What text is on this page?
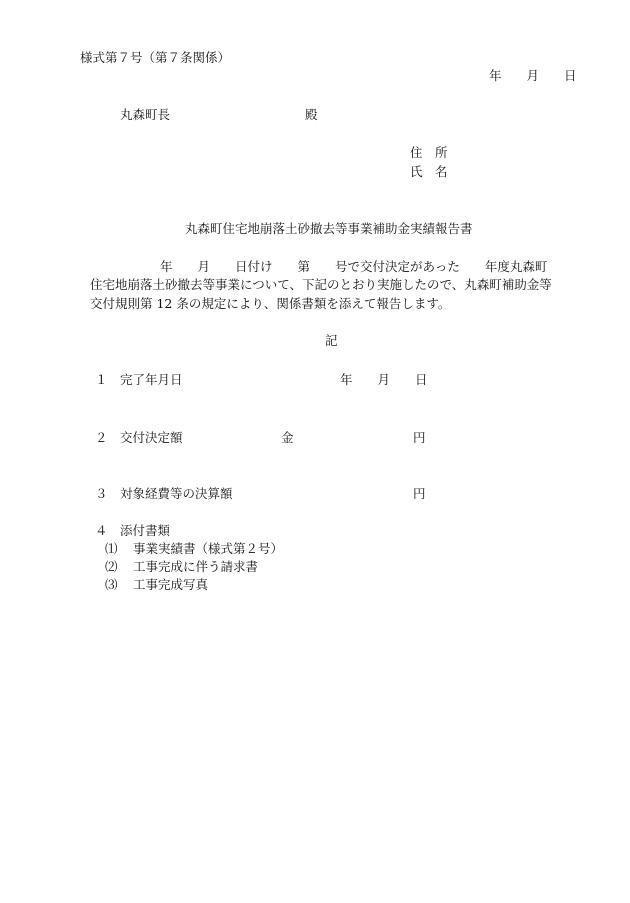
様式第７号（第７条関係）
年　　月　　日
丸森町長	殿
住　所
氏　名
丸森町住宅地崩落土砂撤去等事業補助金実績報告書
年　　月　　日付け　　第　　号で交付決定があった　　年度丸森町
住宅地崩落土砂撤去等事業について、下記のとおり実施したので、丸森町補助金等
交付規則第 12 条の規定により、関係書類を添えて報告します。
記
１ 完了年月日	年　　月　　日
２ 交付決定額	金	円
３ 対象経費等の決算額	円
４ 添付書類
⑴ 事業実績書（様式第２号）
⑵ 工事完成に伴う請求書
⑶ 工事完成写真
